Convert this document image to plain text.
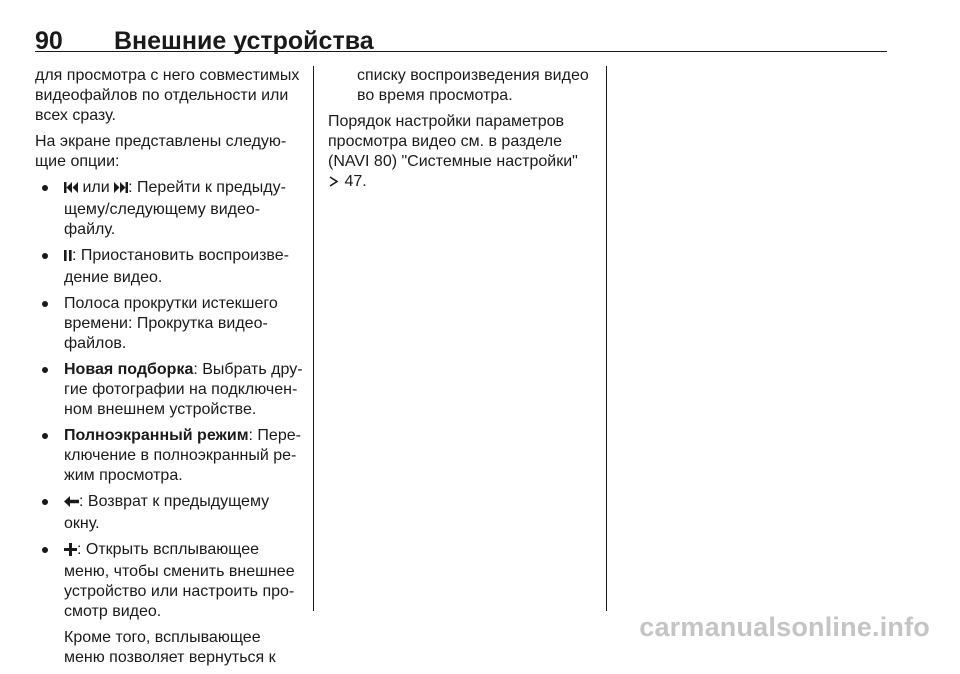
90 Внешние устройства

для просмотра с него совместимых видеофайлов по отдельности или всех сразу.

На экране представлены следую-щие опции:

или : Перейти к предыду-щему/следующему видео-файлу.
: Приостановить воспроизве-дение видео.
Полоса прокрутки истекшего времени: Прокрутка видео-файлов.
Новая подборка: Выбрать дру-гие фотографии на подключен-ном внешнем устройстве.
Полноэкранный режим: Пере-ключение в полноэкранный ре-жим просмотра.
: Возврат к предыдущему окну.
: Открыть всплывающее меню, чтобы сменить внешнее устройство или настроить про-смотр видео.

Кроме того, всплывающее меню позволяет вернуться к

списку воспроизведения видео во время просмотра.

Порядок настройки параметров просмотра видео см. в разделе (NAVI 80) "Системные настройки"
47.

carmanualsonline.info
